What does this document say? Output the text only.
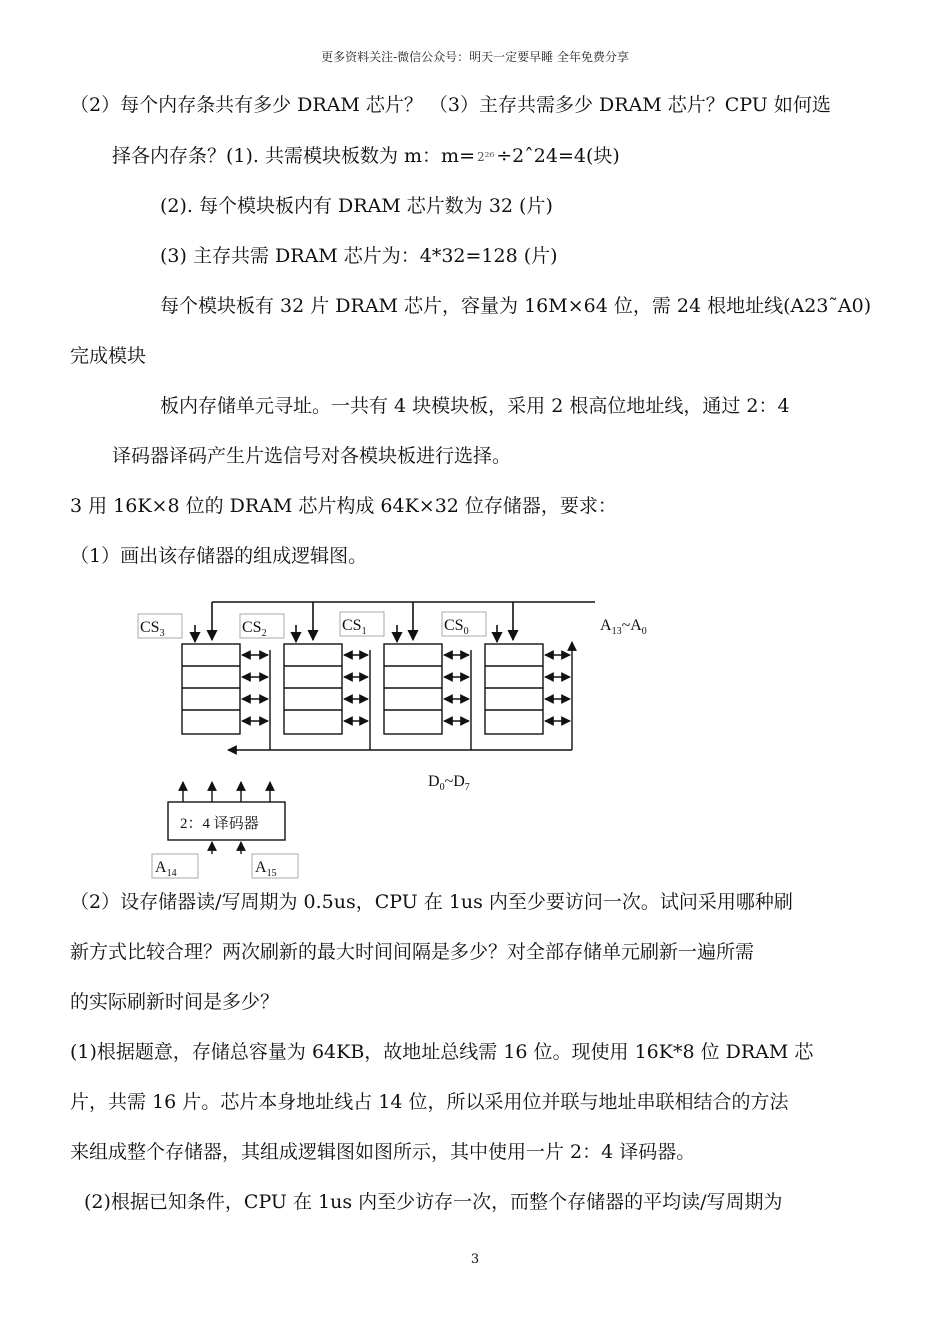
更多资料关注-微信公众号：明天一定要早睡 全年免费分享
（2）每个内存条共有多少 DRAM 芯片？ （3）主存共需多少 DRAM 芯片？CPU 如何选
择各内存条？(1). 共需模块板数为 m：m= 2²⁶ ÷2ˆ24=4(块)
(2). 每个模块板内有 DRAM 芯片数为 32 (片)
(3) 主存共需 DRAM 芯片为：4*32=128 (片)
每个模块板有 32 片 DRAM 芯片，容量为 16M×64 位，需 24 根地址线(A23˜A0)
完成模块
板内存储单元寻址。一共有 4 块模块板，采用 2 根高位地址线，通过 2：4
译码器译码产生片选信号对各模块板进行选择。
3 用 16K×8 位的 DRAM 芯片构成 64K×32 位存储器，要求：
（1）画出该存储器的组成逻辑图。
$CS_3$	$CS_2$	$CS_1$	$CS_0$	$A_{13}\sim A_0$
$D_0\sim D_7$
2：4 译码器
$A_{14}$	$A_{15}$
（2）设存储器读/写周期为 0.5us，CPU 在 1us 内至少要访问一次。试问采用哪种刷
新方式比较合理？两次刷新的最大时间间隔是多少？对全部存储单元刷新一遍所需
的实际刷新时间是多少？
(1)根据题意，存储总容量为 64KB，故地址总线需 16 位。现使用 16K*8 位 DRAM 芯
片，共需 16 片。芯片本身地址线占 14 位，所以采用位并联与地址串联相结合的方法
来组成整个存储器，其组成逻辑图如图所示，其中使用一片 2：4 译码器。
(2)根据已知条件，CPU 在 1us 内至少访存一次，而整个存储器的平均读/写周期为
3
